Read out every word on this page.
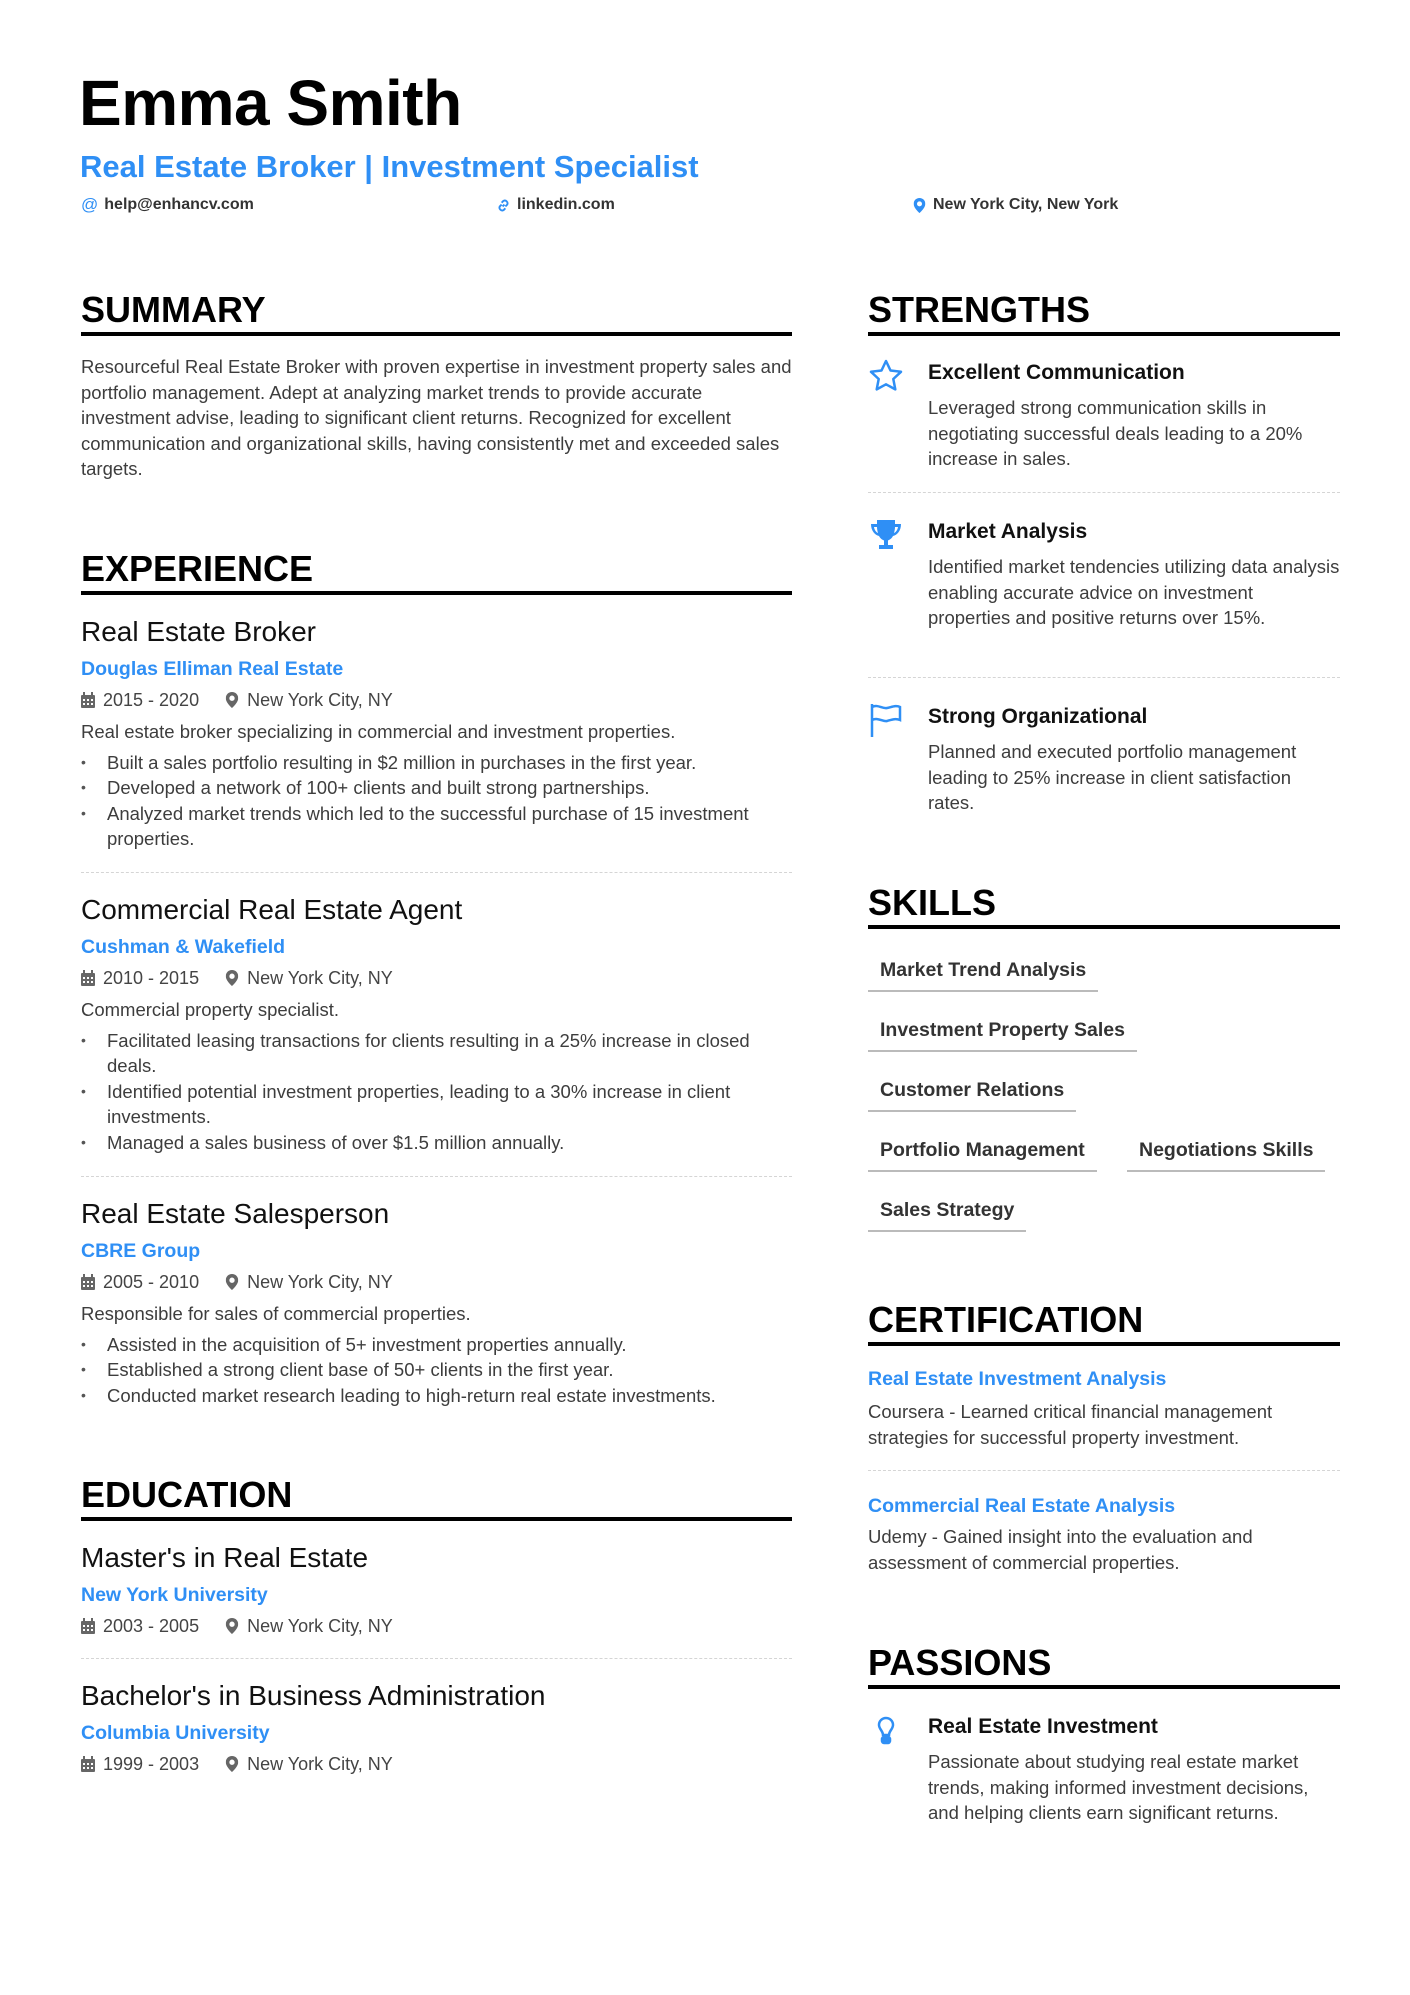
Emma Smith
Real Estate Broker | Investment Specialist
@ help@enhancv.com	linkedin.com	New York City, New York
SUMMARY
Resourceful Real Estate Broker with proven expertise in investment property sales and portfolio management. Adept at analyzing market trends to provide accurate investment advise, leading to significant client returns. Recognized for excellent communication and organizational skills, having consistently met and exceeded sales targets.
EXPERIENCE
Real Estate Broker
Douglas Elliman Real Estate
2015 - 2020	New York City, NY
Real estate broker specializing in commercial and investment properties.
• Built a sales portfolio resulting in $2 million in purchases in the first year.
• Developed a network of 100+ clients and built strong partnerships.
• Analyzed market trends which led to the successful purchase of 15 investment properties.
Commercial Real Estate Agent
Cushman & Wakefield
2010 - 2015	New York City, NY
Commercial property specialist.
• Facilitated leasing transactions for clients resulting in a 25% increase in closed deals.
• Identified potential investment properties, leading to a 30% increase in client investments.
• Managed a sales business of over $1.5 million annually.
Real Estate Salesperson
CBRE Group
2005 - 2010	New York City, NY
Responsible for sales of commercial properties.
• Assisted in the acquisition of 5+ investment properties annually.
• Established a strong client base of 50+ clients in the first year.
• Conducted market research leading to high-return real estate investments.
EDUCATION
Master's in Real Estate
New York University
2003 - 2005	New York City, NY
Bachelor's in Business Administration
Columbia University
1999 - 2003	New York City, NY
STRENGTHS
Excellent Communication
Leveraged strong communication skills in negotiating successful deals leading to a 20% increase in sales.
Market Analysis
Identified market tendencies utilizing data analysis enabling accurate advice on investment properties and positive returns over 15%.
Strong Organizational
Planned and executed portfolio management leading to 25% increase in client satisfaction rates.
SKILLS
Market Trend Analysis
Investment Property Sales
Customer Relations
Portfolio Management	Negotiations Skills
Sales Strategy
CERTIFICATION
Real Estate Investment Analysis
Coursera - Learned critical financial management strategies for successful property investment.
Commercial Real Estate Analysis
Udemy - Gained insight into the evaluation and assessment of commercial properties.
PASSIONS
Real Estate Investment
Passionate about studying real estate market trends, making informed investment decisions, and helping clients earn significant returns.
